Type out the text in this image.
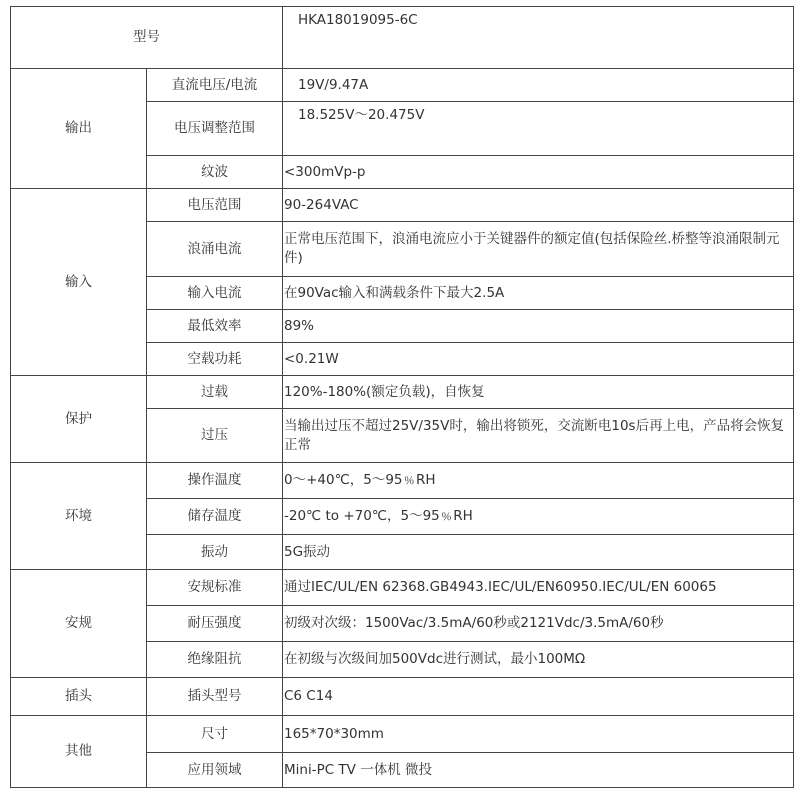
型号		HKA18019095-6C
输出	直流电压/电流	19V/9.47A
	电压调整范围	18.525V～20.475V
	纹波	<300mVp-p
输入	电压范围	90-264VAC
	浪涌电流	正常电压范围下，浪涌电流应小于关键器件的额定值(包括保险丝.桥整等浪涌限制元件)
	输入电流	在90Vac输入和满载条件下最大2.5A
	最低效率	89%
	空载功耗	<0.21W
保护	过载	120%-180%(额定负载)，自恢复
	过压	当输出过压不超过25V/35V时，输出将锁死，交流断电10s后再上电，产品将会恢复正常
环境	操作温度	0～+40℃，5～95﹪RH
	储存温度	-20℃ to +70℃，5～95﹪RH
	振动	5G振动
安规	安规标准	通过IEC/UL/EN 62368.GB4943.IEC/UL/EN60950.IEC/UL/EN 60065
	耐压强度	初级对次级：1500Vac/3.5mA/60秒或2121Vdc/3.5mA/60秒
	绝缘阻抗	在初级与次级间加500Vdc进行测试，最小100MΩ
插头	插头型号	C6 C14
其他	尺寸	165*70*30mm
	应用领域	Mini-PC TV 一体机 微投
